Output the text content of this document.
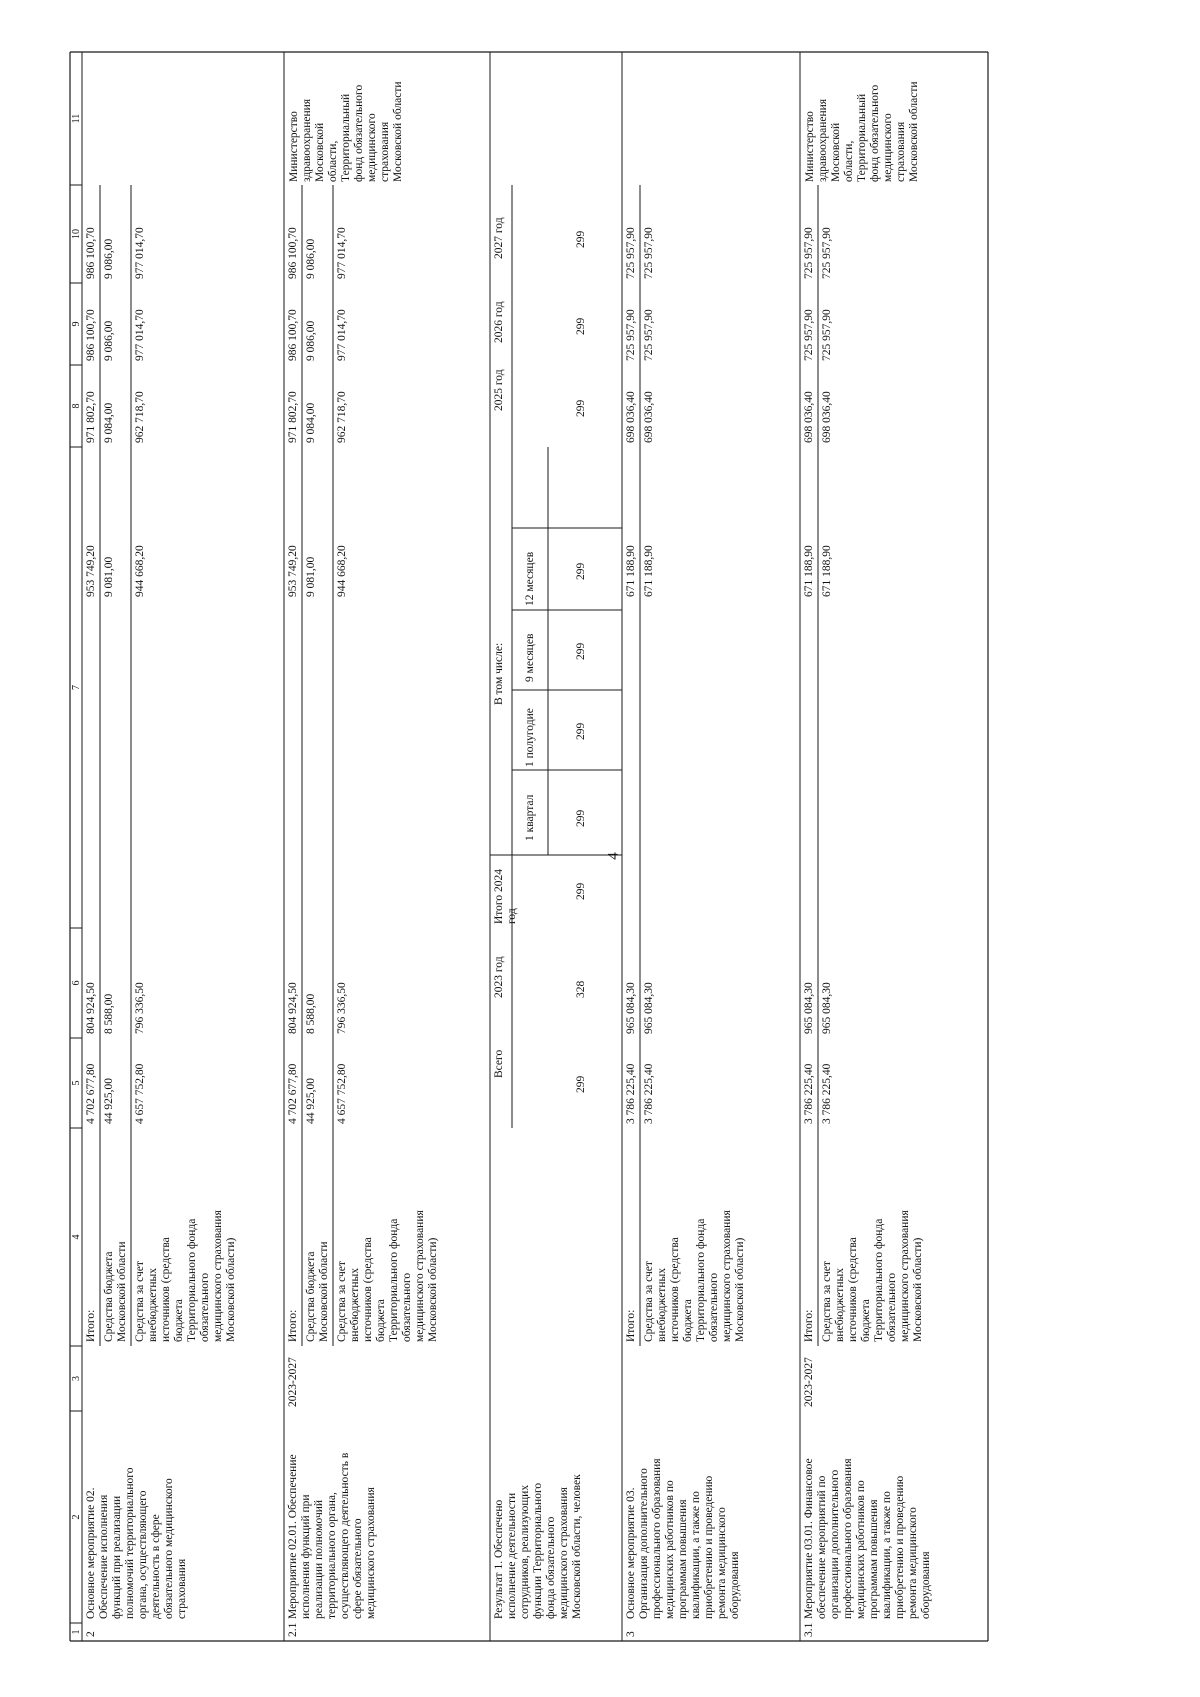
4
1
2
3
4
5
6
7
8
9
10
11
2
Основное мероприятие 02. Обеспечение исполнения функций при реализации полномочий территориального органа, осуществляющего деятельность в сфере обязательного медицинского страхования
Итого:
4 702 677,80
804 924,50
953 749,20
971 802,70
986 100,70
986 100,70
Средства бюджета Московской области
44 925,00
8 588,00
9 081,00
9 084,00
9 086,00
9 086,00
Средства за счет внебюджетных источников (средства бюджета Территориального фонда обязательного медицинского страхования Московской области)
4 657 752,80
796 336,50
944 668,20
962 718,70
977 014,70
977 014,70
2.1
Мероприятие 02.01. Обеспечение исполнения функций при реализации полномочий территориального органа, осуществляющего деятельность в сфере обязательного медицинского страхования
2023-2027
Министерство здравоохранения Московской области, Территориальный фонд обязательного медицинского страхования Московской области
Итого:
4 702 677,80
804 924,50
953 749,20
971 802,70
986 100,70
986 100,70
Средства бюджета Московской области
44 925,00
8 588,00
9 081,00
9 084,00
9 086,00
9 086,00
Средства за счет внебюджетных источников (средства бюджета Территориального фонда обязательного медицинского страхования Московской области)
4 657 752,80
796 336,50
944 668,20
962 718,70
977 014,70
977 014,70
3
Основное мероприятие 03. Организация дополнительного профессионального образования медицинских работников по программам повышения квалификации, а также по приобретению и проведению ремонта медицинского оборудования
Итого:
3 786 225,40
965 084,30
671 188,90
698 036,40
725 957,90
725 957,90
Средства за счет внебюджетных источников (средства бюджета Территориального фонда обязательного медицинского страхования Московской области)
3 786 225,40
965 084,30
671 188,90
698 036,40
725 957,90
725 957,90
3.1
Мероприятие 03.01. Финансовое обеспечение мероприятий по организации дополнительного профессионального образования медицинских работников по программам повышения квалификации, а также по приобретению и проведению ремонта медицинского оборудования
2023-2027
Министерство здравоохранения Московской области, Территориальный фонд обязательного медицинского страхования Московской области
Итого:
3 786 225,40
965 084,30
671 188,90
698 036,40
725 957,90
725 957,90
Средства за счет внебюджетных источников (средства бюджета Территориального фонда обязательного медицинского страхования Московской области)
3 786 225,40
965 084,30
671 188,90
698 036,40
725 957,90
725 957,90
Результат 1. Обеспечено исполнение деятельности сотрудников, реализующих функции Территориального фонда обязательного медицинского страхования Московской области, человек
Всего
2023 год
Итого 2024 год
В том числе:
1 квартал
1 полугодие
9 месяцев
12 месяцев
2025 год
2026 год
2027 год
299
328
299
299
299
299
299
299
299
299
